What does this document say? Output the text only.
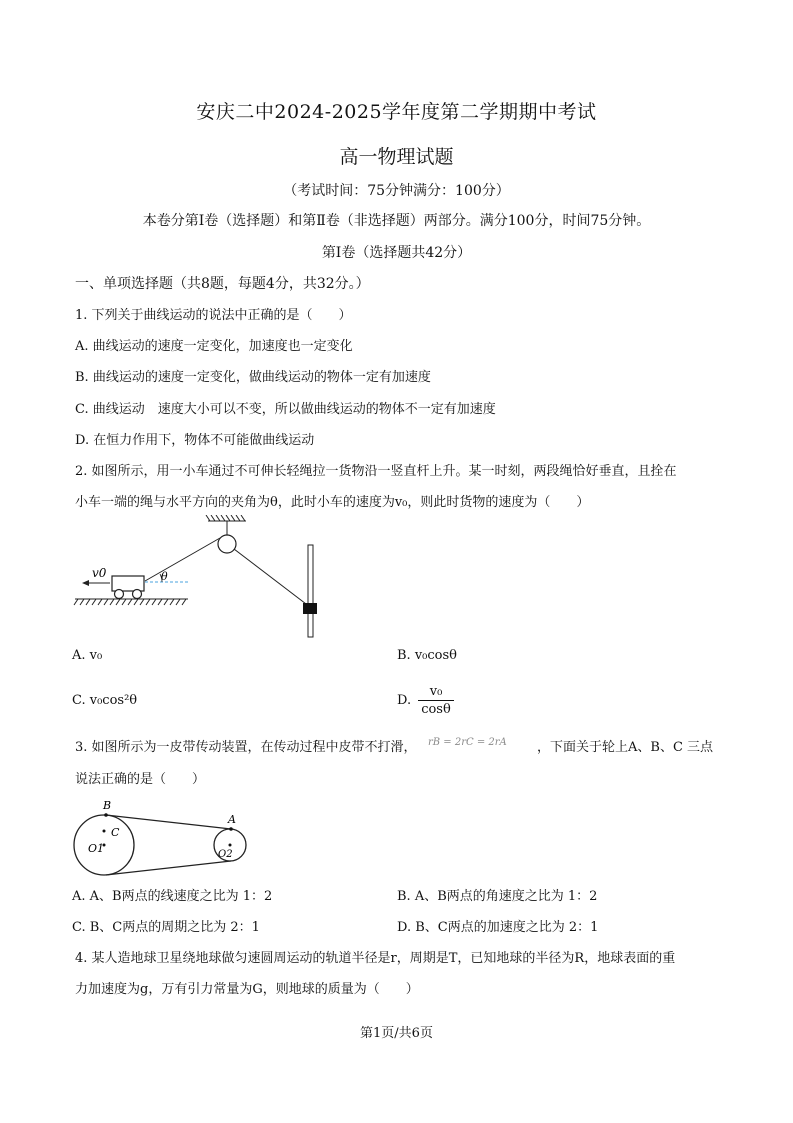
安庆二中2024-2025学年度第二学期期中考试
高一物理试题
（考试时间：75分钟满分：100分）
本卷分第Ⅰ卷（选择题）和第Ⅱ卷（非选择题）两部分。满分100分，时间75分钟。
第Ⅰ卷（选择题共42分）
一、单项选择题（共8题，每题4分，共32分。）
1. 下列关于曲线运动的说法中正确的是（　　）
A. 曲线运动的速度一定变化，加速度也一定变化
B. 曲线运动的速度一定变化，做曲线运动的物体一定有加速度
C. 曲线运动　速度大小可以不变，所以做曲线运动的物体不一定有加速度
D. 在恒力作用下，物体不可能做曲线运动
2. 如图所示，用一小车通过不可伸长轻绳拉一货物沿一竖直杆上升。某一时刻，两段绳恰好垂直，且拴在
小车一端的绳与水平方向的夹角为θ，此时小车的速度为v₀，则此时货物的速度为（　　）
v0	θ
A. v₀	B. v₀cosθ
C. v₀cos²θ	D. $\frac{\text{v₀}}{\cos\theta}$
3. 如图所示为一皮带传动装置，在传动过程中皮带不打滑， rB = 2rC = 2rA ，下面关于轮上A、B、C 三点
说法正确的是（　　）
B
C
O1
A
O2
A. A、B两点的线速度之比为 1：2	B. A、B两点的角速度之比为 1：2
C. B、C两点的周期之比为 2：1	D. B、C两点的加速度之比为 2：1
4. 某人造地球卫星绕地球做匀速圆周运动的轨道半径是r，周期是T，已知地球的半径为R，地球表面的重
力加速度为g，万有引力常量为G，则地球的质量为（　　）
第1页/共6页
